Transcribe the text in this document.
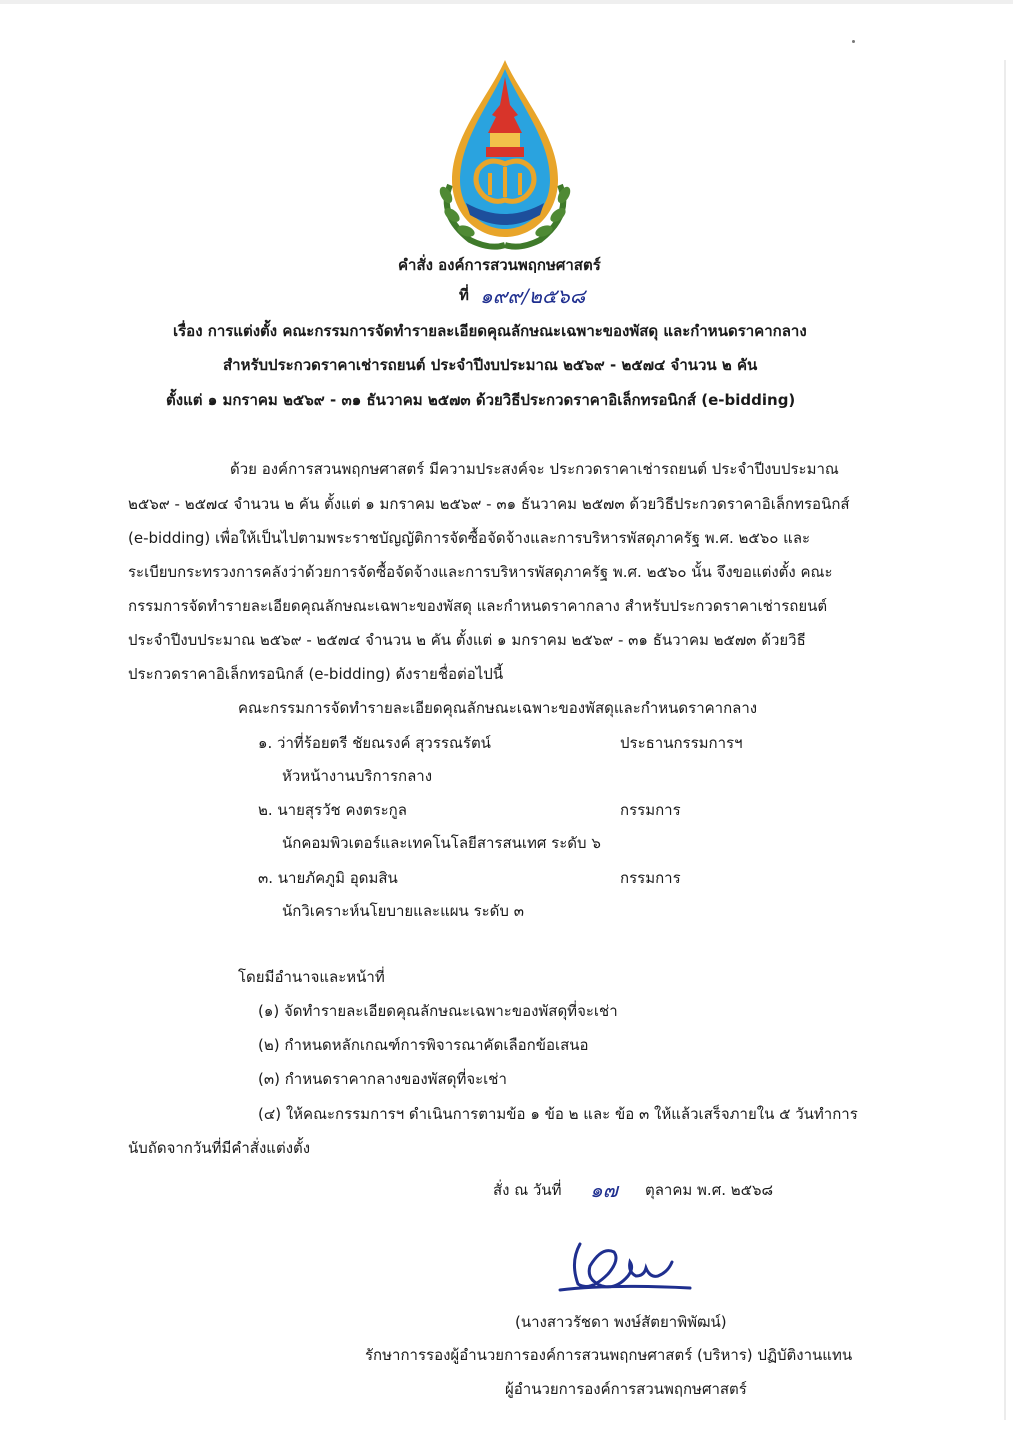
คำสั่ง องค์การสวนพฤกษศาสตร์
ที่ ๑๙๙/๒๕๖๘
เรื่อง การแต่งตั้ง คณะกรรมการจัดทำรายละเอียดคุณลักษณะเฉพาะของพัสดุ และกำหนดราคากลาง
สำหรับประกวดราคาเช่ารถยนต์ ประจำปีงบประมาณ ๒๕๖๙ - ๒๕๗๔ จำนวน ๒ คัน
ตั้งแต่ ๑ มกราคม ๒๕๖๙ - ๓๑ ธันวาคม ๒๕๗๓ ด้วยวิธีประกวดราคาอิเล็กทรอนิกส์ (e-bidding)
ด้วย องค์การสวนพฤกษศาสตร์ มีความประสงค์จะ ประกวดราคาเช่ารถยนต์ ประจำปีงบประมาณ
๒๕๖๙ - ๒๕๗๔ จำนวน ๒ คัน ตั้งแต่ ๑ มกราคม ๒๕๖๙ - ๓๑ ธันวาคม ๒๕๗๓ ด้วยวิธีประกวดราคาอิเล็กทรอนิกส์
(e-bidding) เพื่อให้เป็นไปตามพระราชบัญญัติการจัดซื้อจัดจ้างและการบริหารพัสดุภาครัฐ พ.ศ. ๒๕๖๐ และ
ระเบียบกระทรวงการคลังว่าด้วยการจัดซื้อจัดจ้างและการบริหารพัสดุภาครัฐ พ.ศ. ๒๕๖๐ นั้น จึงขอแต่งตั้ง คณะ
กรรมการจัดทำรายละเอียดคุณลักษณะเฉพาะของพัสดุ และกำหนดราคากลาง สำหรับประกวดราคาเช่ารถยนต์
ประจำปีงบประมาณ ๒๕๖๙ - ๒๕๗๔ จำนวน ๒ คัน ตั้งแต่ ๑ มกราคม ๒๕๖๙ - ๓๑ ธันวาคม ๒๕๗๓ ด้วยวิธี
ประกวดราคาอิเล็กทรอนิกส์ (e-bidding) ดังรายชื่อต่อไปนี้
คณะกรรมการจัดทำรายละเอียดคุณลักษณะเฉพาะของพัสดุและกำหนดราคากลาง
๑. ว่าที่ร้อยตรี ชัยณรงค์ สุวรรณรัตน์	ประธานกรรมการฯ
หัวหน้างานบริการกลาง
๒. นายสุรวัช คงตระกูล	กรรมการ
นักคอมพิวเตอร์และเทคโนโลยีสารสนเทศ ระดับ ๖
๓. นายภัคภูมิ อุดมสิน	กรรมการ
นักวิเคราะห์นโยบายและแผน ระดับ ๓
โดยมีอำนาจและหน้าที่
(๑) จัดทำรายละเอียดคุณลักษณะเฉพาะของพัสดุที่จะเช่า
(๒) กำหนดหลักเกณฑ์การพิจารณาคัดเลือกข้อเสนอ
(๓) กำหนดราคากลางของพัสดุที่จะเช่า
(๔) ให้คณะกรรมการฯ ดำเนินการตามข้อ ๑ ข้อ ๒ และ ข้อ ๓ ให้แล้วเสร็จภายใน ๕ วันทำการ
นับถัดจากวันที่มีคำสั่งแต่งตั้ง
สั่ง ณ วันที่ ๑๗ ตุลาคม พ.ศ. ๒๕๖๘
(นางสาวรัชดา พงษ์สัตยาพิพัฒน์)
รักษาการรองผู้อำนวยการองค์การสวนพฤกษศาสตร์ (บริหาร) ปฏิบัติงานแทน
ผู้อำนวยการองค์การสวนพฤกษศาสตร์
